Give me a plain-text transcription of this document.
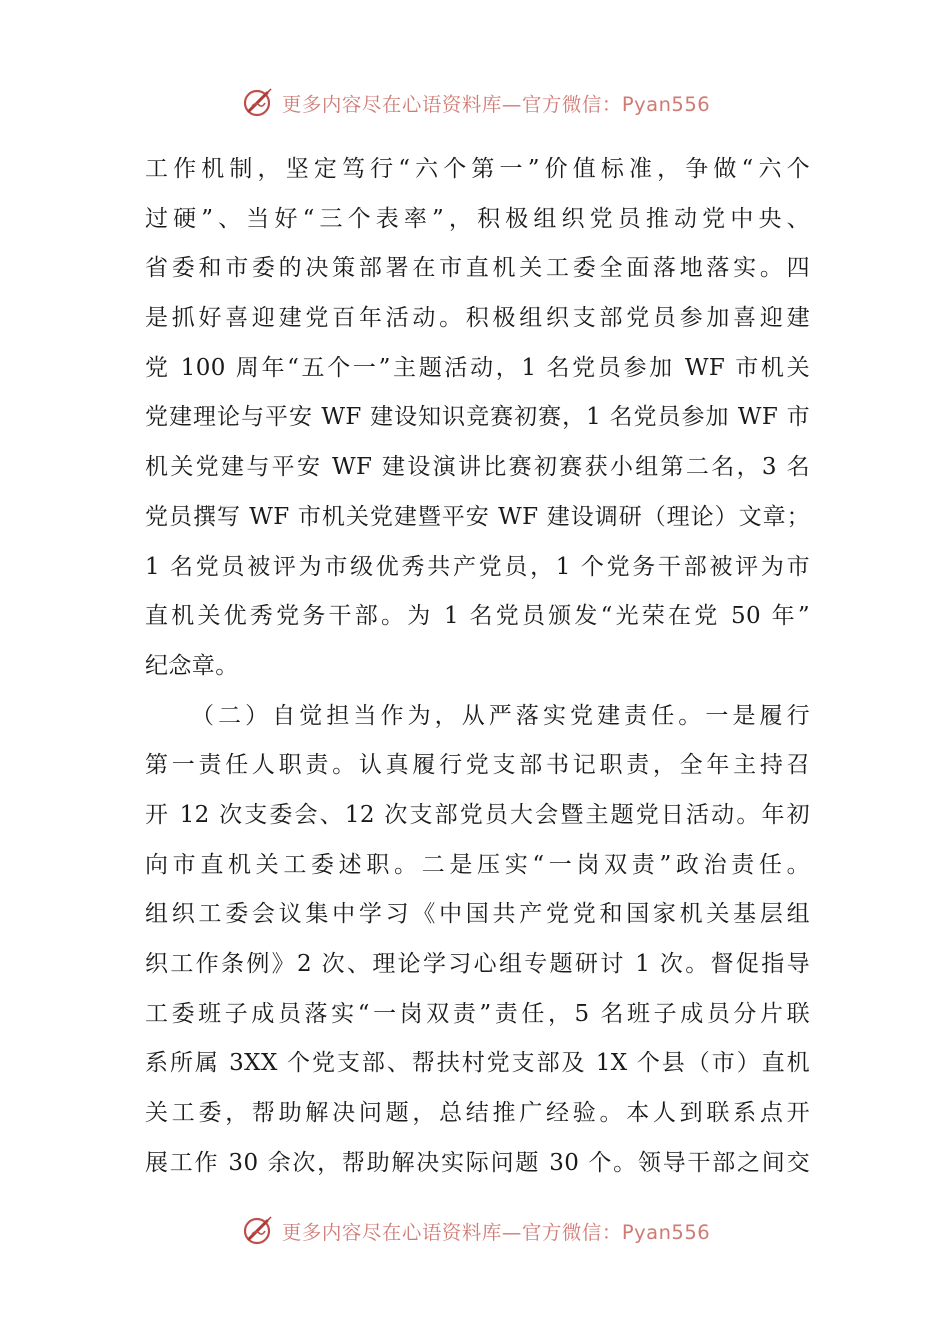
更多内容尽在心语资料库—官方微信：Pyan556
工作机制，坚定笃行“六个第一”价值标准，争做“六个
过硬”、当好“三个表率”，积极组织党员推动党中央、
省委和市委的决策部署在市直机关工委全面落地落实。四
是抓好喜迎建党百年活动。积极组织支部党员参加喜迎建
党 100 周年“五个一”主题活动，1 名党员参加 WF 市机关
党建理论与平安 WF 建设知识竞赛初赛，1 名党员参加 WF 市
机关党建与平安 WF 建设演讲比赛初赛获小组第二名，3 名
党员撰写 WF 市机关党建暨平安 WF 建设调研（理论）文章；
1 名党员被评为市级优秀共产党员，1 个党务干部被评为市
直机关优秀党务干部。为 1 名党员颁发“光荣在党 50 年”
纪念章。
（二）自觉担当作为，从严落实党建责任。一是履行
第一责任人职责。认真履行党支部书记职责，全年主持召
开 12 次支委会、12 次支部党员大会暨主题党日活动。年初
向市直机关工委述职。二是压实“一岗双责”政治责任。
组织工委会议集中学习《中国共产党党和国家机关基层组
织工作条例》2 次、理论学习心组专题研讨 1 次。督促指导
工委班子成员落实“一岗双责”责任，5 名班子成员分片联
系所属 3XX 个党支部、帮扶村党支部及 1X 个县（市）直机
关工委，帮助解决问题，总结推广经验。本人到联系点开
展工作 30 余次，帮助解决实际问题 30 个。领导干部之间交
更多内容尽在心语资料库—官方微信：Pyan556
